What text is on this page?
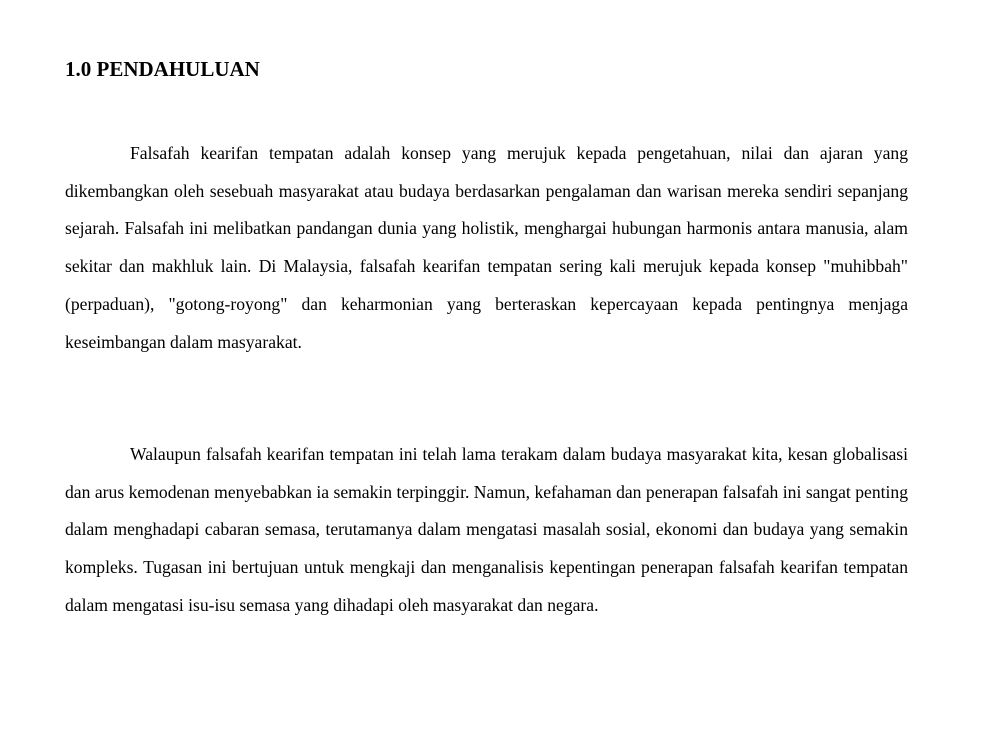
1.0 PENDAHULUAN

Falsafah kearifan tempatan adalah konsep yang merujuk kepada pengetahuan, nilai dan ajaran yang dikembangkan oleh sesebuah masyarakat atau budaya berdasarkan pengalaman dan warisan mereka sendiri sepanjang sejarah. Falsafah ini melibatkan pandangan dunia yang holistik, menghargai hubungan harmonis antara manusia, alam sekitar dan makhluk lain. Di Malaysia, falsafah kearifan tempatan sering kali merujuk kepada konsep "muhibbah" (perpaduan), "gotong-royong" dan keharmonian yang berteraskan kepercayaan kepada pentingnya menjaga keseimbangan dalam masyarakat.

Walaupun falsafah kearifan tempatan ini telah lama terakam dalam budaya masyarakat kita, kesan globalisasi dan arus kemodenan menyebabkan ia semakin terpinggir. Namun, kefahaman dan penerapan falsafah ini sangat penting dalam menghadapi cabaran semasa, terutamanya dalam mengatasi masalah sosial, ekonomi dan budaya yang semakin kompleks. Tugasan ini bertujuan untuk mengkaji dan menganalisis kepentingan penerapan falsafah kearifan tempatan dalam mengatasi isu-isu semasa yang dihadapi oleh masyarakat dan negara.
